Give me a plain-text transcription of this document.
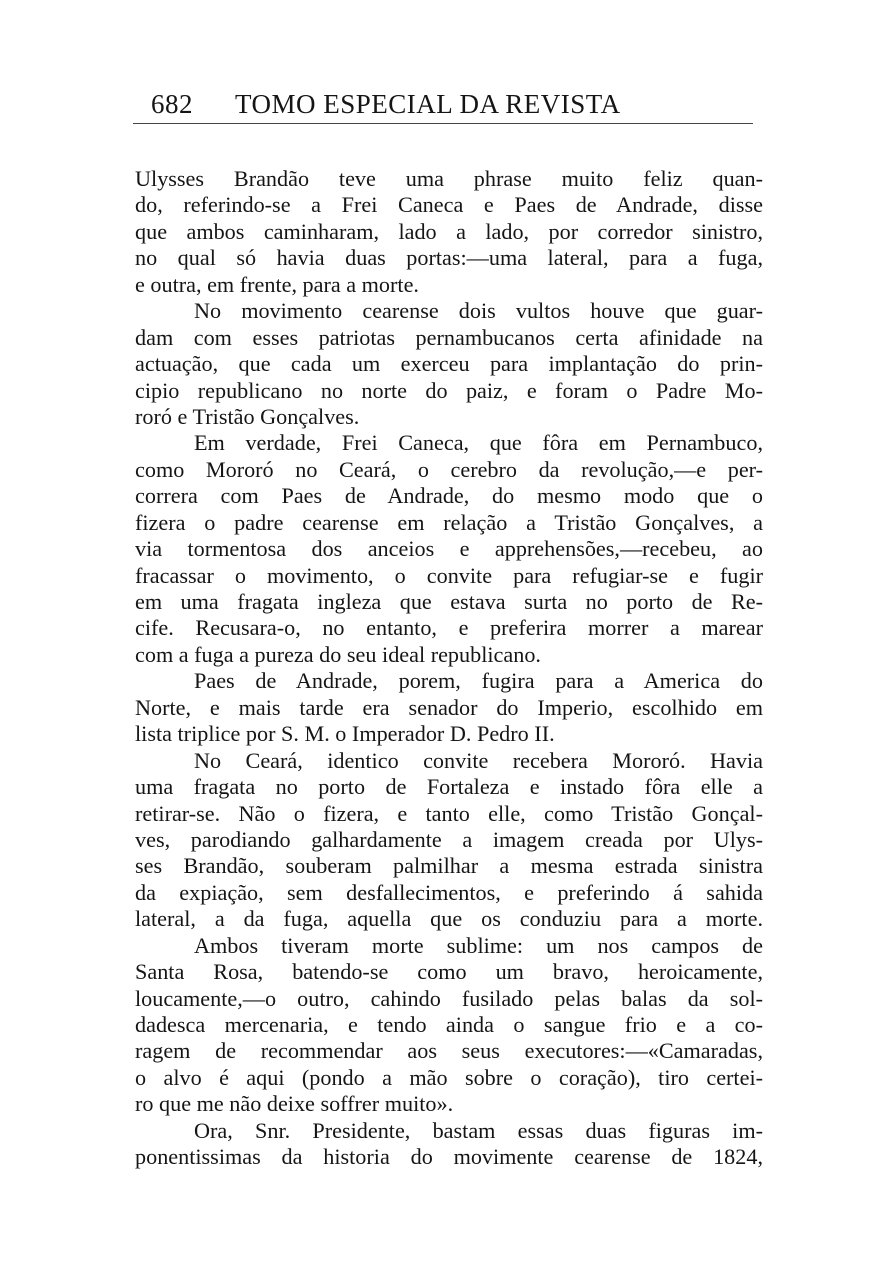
682 TOMO ESPECIAL DA REVISTA
Ulysses Brandão teve uma phrase muito feliz quan-
do, referindo-se a Frei Caneca e Paes de Andrade, disse
que ambos caminharam, lado a lado, por corredor sinistro,
no qual só havia duas portas:—uma lateral, para a fuga,
e outra, em frente, para a morte.
No movimento cearense dois vultos houve que guar-
dam com esses patriotas pernambucanos certa afinidade na
actuação, que cada um exerceu para implantação do prin-
cipio republicano no norte do paiz, e foram o Padre Mo-
roró e Tristão Gonçalves.
Em verdade, Frei Caneca, que fôra em Pernambuco,
como Mororó no Ceará, o cerebro da revolução,—e per-
correra com Paes de Andrade, do mesmo modo que o
fizera o padre cearense em relação a Tristão Gonçalves, a
via tormentosa dos anceios e apprehensões,—recebeu, ao
fracassar o movimento, o convite para refugiar-se e fugir
em uma fragata ingleza que estava surta no porto de Re-
cife. Recusara-o, no entanto, e preferira morrer a marear
com a fuga a pureza do seu ideal republicano.
Paes de Andrade, porem, fugira para a America do
Norte, e mais tarde era senador do Imperio, escolhido em
lista triplice por S. M. o Imperador D. Pedro II.
No Ceará, identico convite recebera Mororó. Havia
uma fragata no porto de Fortaleza e instado fôra elle a
retirar-se. Não o fizera, e tanto elle, como Tristão Gonçal-
ves, parodiando galhardamente a imagem creada por Ulys-
ses Brandão, souberam palmilhar a mesma estrada sinistra
da expiação, sem desfallecimentos, e preferindo á sahida
lateral, a da fuga, aquella que os conduziu para a morte.
Ambos tiveram morte sublime: um nos campos de
Santa Rosa, batendo-se como um bravo, heroicamente,
loucamente,—o outro, cahindo fusilado pelas balas da sol-
dadesca mercenaria, e tendo ainda o sangue frio e a co-
ragem de recommendar aos seus executores:—«Camaradas,
o alvo é aqui (pondo a mão sobre o coração), tiro certei-
ro que me não deixe soffrer muito».
Ora, Snr. Presidente, bastam essas duas figuras im-
ponentissimas da historia do movimente cearense de 1824,
